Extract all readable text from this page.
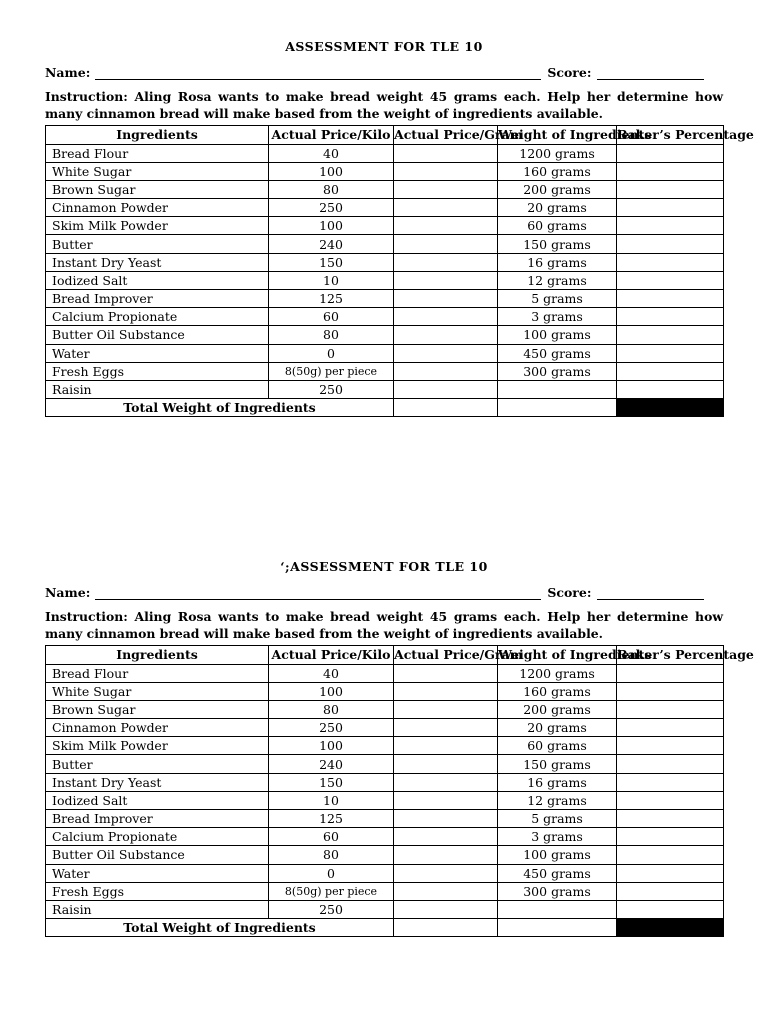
ASSESSMENT FOR TLE 10
Name:	Score:
Instruction: Aling Rosa wants to make bread weight 45 grams each. Help her determine how many cinnamon bread will make based from the weight of ingredients available.
Ingredients	Actual Price/Kilo	Actual Price/Gram	Weight of Ingredients	Baker’s Percentage
Bread Flour	40		1200 grams	
White Sugar	100		160 grams	
Brown Sugar	80		200 grams	
Cinnamon Powder	250		20 grams	
Skim Milk Powder	100		60 grams	
Butter	240		150 grams	
Instant Dry Yeast	150		16 grams	
Iodized Salt	10		12 grams	
Bread Improver	125		5 grams	
Calcium Propionate	60		3 grams	
Butter Oil Substance	80		100 grams	
Water	0		450 grams	
Fresh Eggs	8(50g) per piece		300 grams	
Raisin	250			
Total Weight of Ingredients				
‘;ASSESSMENT FOR TLE 10
Name:	Score:
Instruction: Aling Rosa wants to make bread weight 45 grams each. Help her determine how many cinnamon bread will make based from the weight of ingredients available.
Ingredients	Actual Price/Kilo	Actual Price/Gram	Weight of Ingredients	Baker’s Percentage
Bread Flour	40		1200 grams	
White Sugar	100		160 grams	
Brown Sugar	80		200 grams	
Cinnamon Powder	250		20 grams	
Skim Milk Powder	100		60 grams	
Butter	240		150 grams	
Instant Dry Yeast	150		16 grams	
Iodized Salt	10		12 grams	
Bread Improver	125		5 grams	
Calcium Propionate	60		3 grams	
Butter Oil Substance	80		100 grams	
Water	0		450 grams	
Fresh Eggs	8(50g) per piece		300 grams	
Raisin	250			
Total Weight of Ingredients				
